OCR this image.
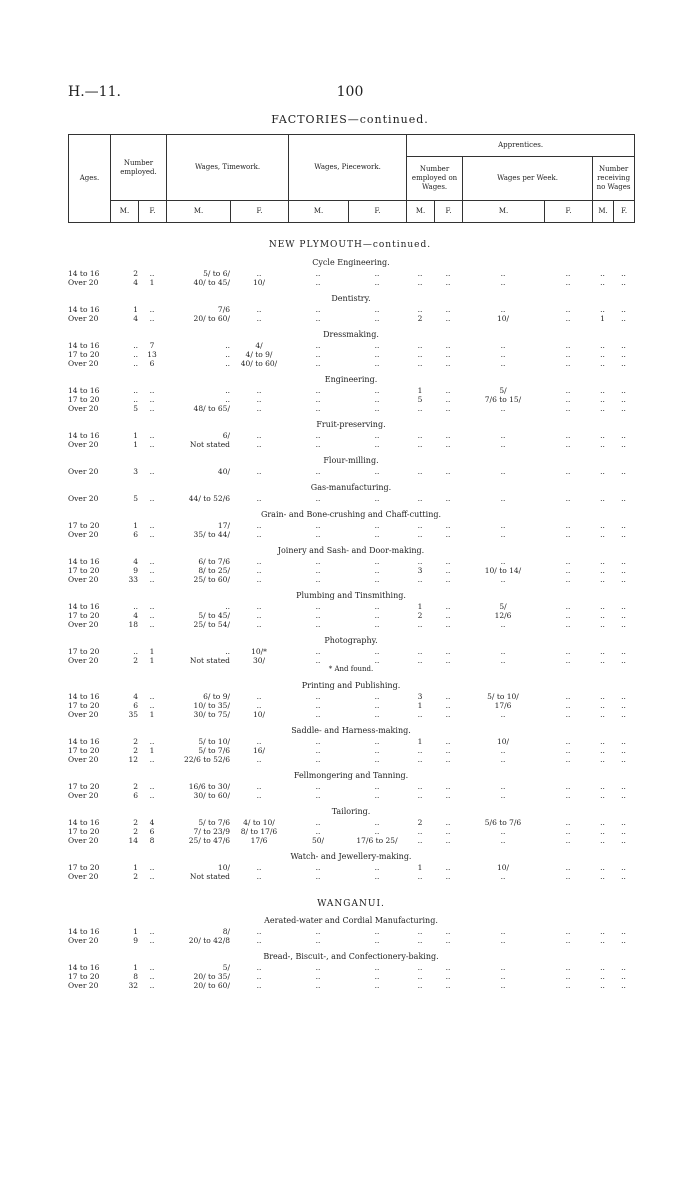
H.—11.	100
FACTORIES—continued.
Ages.	Number employed.		Wages, Timework.		Wages, Piecework.		Apprentices.					
							Number employed on Wages.		Wages per Week.		Number receiving no Wages	
	M.	F.	M.	F.	M.	F.	M.	F.	M.	F.	M.	F.
NEW PLYMOUTH—continued.
Cycle Engineering.
14 to 16	2	..	5/ to 6/	..	..	..	..	..	..	..	..	..
Over 20	4	1	40/ to 45/	10/	..	..	..	..	..	..	..	..
Dentistry.
14 to 16	1	..	7/6	..	..	..	..	..	..	..	..	..
Over 20	4	..	20/ to 60/	..	..	..	2	..	10/	..	1	..
Dressmaking.
14 to 16	..	7	..	4/	..	..	..	..	..	..	..	..
17 to 20	..	13	..	4/ to 9/	..	..	..	..	..	..	..	..
Over 20	..	6	..	40/ to 60/	..	..	..	..	..	..	..	..
Engineering.
14 to 16	..	..	..	..	..	..	1	..	5/	..	..	..
17 to 20	..	..	..	..	..	..	5	..	7/6 to 15/	..	..	..
Over 20	5	..	48/ to 65/	..	..	..	..	..	..	..	..	..
Fruit-preserving.
14 to 16	1	..	6/	..	..	..	..	..	..	..	..	..
Over 20	1	..	Not stated	..	..	..	..	..	..	..	..	..
Flour-milling.
Over 20	3	..	40/	..	..	..	..	..	..	..	..	..
Gas-manufacturing.
Over 20	5	..	44/ to 52/6	..	..	..	..	..	..	..	..	..
Grain- and Bone-crushing and Chaff-cutting.
17 to 20	1	..	17/	..	..	..	..	..	..	..	..	..
Over 20	6	..	35/ to 44/	..	..	..	..	..	..	..	..	..
Joinery and Sash- and Door-making.
14 to 16	4	..	6/ to 7/6	..	..	..	..	..	..	..	..	..
17 to 20	9	..	8/ to 25/	..	..	..	3	..	10/ to 14/	..	..	..
Over 20	33	..	25/ to 60/	..	..	..	..	..	..	..	..	..
Plumbing and Tinsmithing.
14 to 16	..	..	..	..	..	..	1	..	5/	..	..	..
17 to 20	4	..	5/ to 45/	..	..	..	2	..	12/6	..	..	..
Over 20	18	..	25/ to 54/	..	..	..	..	..	..	..	..	..
Photography.
17 to 20	..	1	..	10/*	..	..	..	..	..	..	..	..
Over 20	2	1	Not stated	30/	..	..	..	..	..	..	..	..
* And found.
Printing and Publishing.
14 to 16	4	..	6/ to 9/	..	..	..	3	..	5/ to 10/	..	..	..
17 to 20	6	..	10/ to 35/	..	..	..	1	..	17/6	..	..	..
Over 20	35	1	30/ to 75/	10/	..	..	..	..	..	..	..	..
Saddle- and Harness-making.
14 to 16	2	..	5/ to 10/	..	..	..	1	..	10/	..	..	..
17 to 20	2	1	5/ to 7/6	16/	..	..	..	..	..	..	..	..
Over 20	12	..	22/6 to 52/6	..	..	..	..	..	..	..	..	..
Fellmongering and Tanning.
17 to 20	2	..	16/6 to 30/	..	..	..	..	..	..	..	..	..
Over 20	6	..	30/ to 60/	..	..	..	..	..	..	..	..	..
Tailoring.
14 to 16	2	4	5/ to 7/6	4/ to 10/	..	..	2	..	5/6 to 7/6	..	..	..
17 to 20	2	6	7/ to 23/9	8/ to 17/6	..	..	..	..	..	..	..	..
Over 20	14	8	25/ to 47/6	17/6	50/	17/6 to 25/	..	..	..	..	..	..
Watch- and Jewellery-making.
17 to 20	1	..	10/	..	..	..	1	..	10/	..	..	..
Over 20	2	..	Not stated	..	..	..	..	..	..	..	..	..
WANGANUI.
Aerated-water and Cordial Manufacturing.
14 to 16	1	..	8/	..	..	..	..	..	..	..	..	..
Over 20	9	..	20/ to 42/8	..	..	..	..	..	..	..	..	..
Bread-, Biscuit-, and Confectionery-baking.
14 to 16	1	..	5/	..	..	..	..	..	..	..	..	..
17 to 20	8	..	20/ to 35/	..	..	..	..	..	..	..	..	..
Over 20	32	..	20/ to 60/	..	..	..	..	..	..	..	..	..
